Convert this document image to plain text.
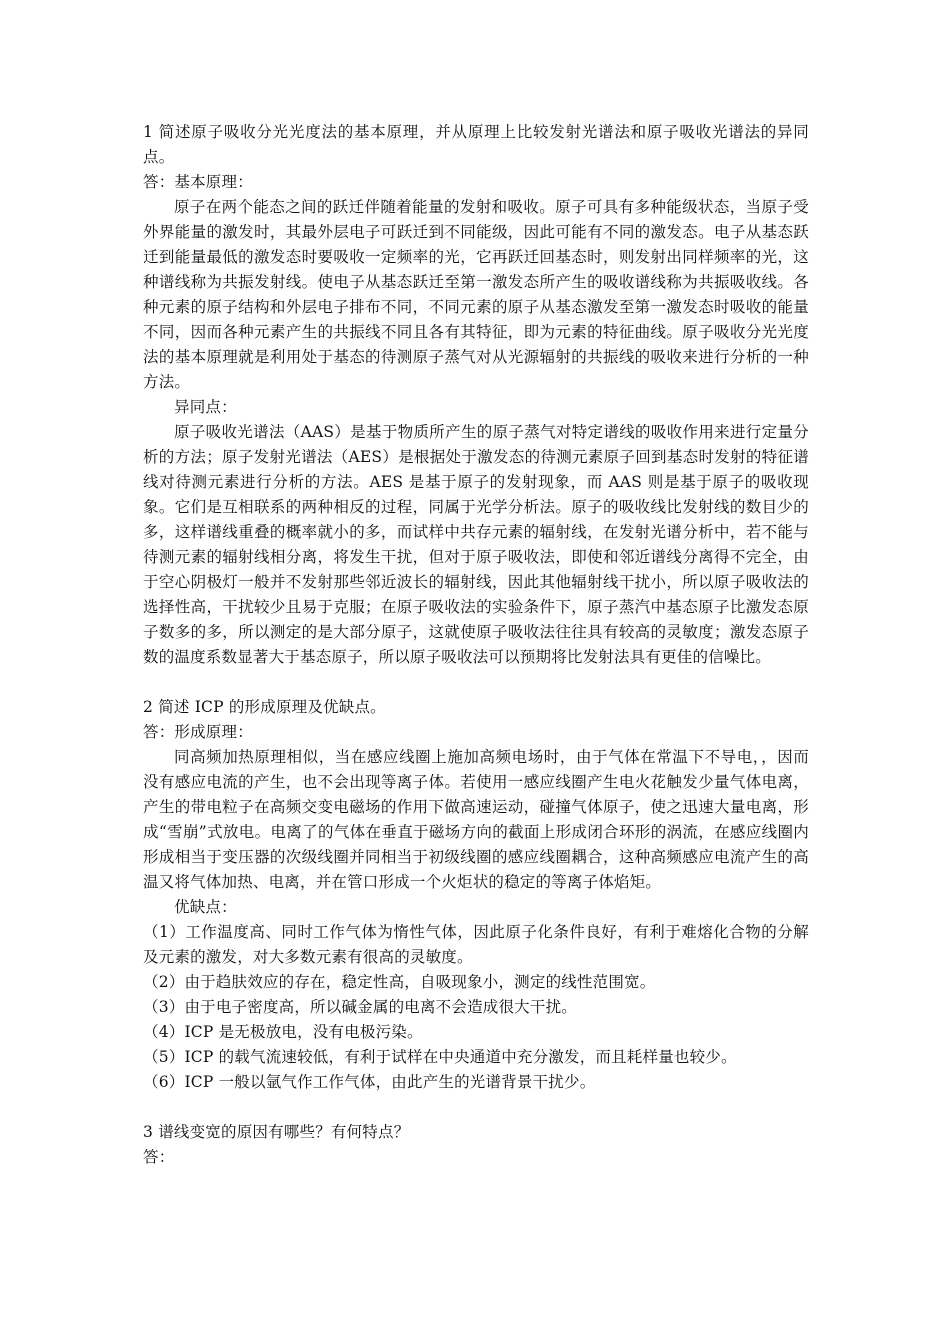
1 简述原子吸收分光光度法的基本原理，并从原理上比较发射光谱法和原子吸收光谱法的异同点。

答：基本原理：

原子在两个能态之间的跃迁伴随着能量的发射和吸收。原子可具有多种能级状态，当原子受外界能量的激发时，其最外层电子可跃迁到不同能级，因此可能有不同的激发态。电子从基态跃迁到能量最低的激发态时要吸收一定频率的光，它再跃迁回基态时，则发射出同样频率的光，这种谱线称为共振发射线。使电子从基态跃迁至第一激发态所产生的吸收谱线称为共振吸收线。各种元素的原子结构和外层电子排布不同，不同元素的原子从基态激发至第一激发态时吸收的能量不同，因而各种元素产生的共振线不同且各有其特征，即为元素的特征曲线。原子吸收分光光度法的基本原理就是利用处于基态的待测原子蒸气对从光源辐射的共振线的吸收来进行分析的一种方法。

异同点：

原子吸收光谱法（AAS）是基于物质所产生的原子蒸气对特定谱线的吸收作用来进行定量分析的方法；原子发射光谱法（AES）是根据处于激发态的待测元素原子回到基态时发射的特征谱线对待测元素进行分析的方法。AES 是基于原子的发射现象，而 AAS 则是基于原子的吸收现象。它们是互相联系的两种相反的过程，同属于光学分析法。原子的吸收线比发射线的数目少的多，这样谱线重叠的概率就小的多，而试样中共存元素的辐射线，在发射光谱分析中，若不能与待测元素的辐射线相分离，将发生干扰，但对于原子吸收法，即使和邻近谱线分离得不完全，由于空心阴极灯一般并不发射那些邻近波长的辐射线，因此其他辐射线干扰小，所以原子吸收法的选择性高，干扰较少且易于克服；在原子吸收法的实验条件下，原子蒸汽中基态原子比激发态原子数多的多，所以测定的是大部分原子，这就使原子吸收法往往具有较高的灵敏度；激发态原子数的温度系数显著大于基态原子，所以原子吸收法可以预期将比发射法具有更佳的信噪比。

2 简述 ICP 的形成原理及优缺点。

答：形成原理：

同高频加热原理相似，当在感应线圈上施加高频电场时，由于气体在常温下不导电，，因而没有感应电流的产生，也不会出现等离子体。若使用一感应线圈产生电火花触发少量气体电离，产生的带电粒子在高频交变电磁场的作用下做高速运动，碰撞气体原子，使之迅速大量电离，形成“雪崩”式放电。电离了的气体在垂直于磁场方向的截面上形成闭合环形的涡流，在感应线圈内形成相当于变压器的次级线圈并同相当于初级线圈的感应线圈耦合，这种高频感应电流产生的高温又将气体加热、电离，并在管口形成一个火炬状的稳定的等离子体焰矩。

优缺点：

（1）工作温度高、同时工作气体为惰性气体，因此原子化条件良好，有利于难熔化合物的分解及元素的激发，对大多数元素有很高的灵敏度。

（2）由于趋肤效应的存在，稳定性高，自吸现象小，测定的线性范围宽。

（3）由于电子密度高，所以碱金属的电离不会造成很大干扰。

（4）ICP 是无极放电，没有电极污染。

（5）ICP 的载气流速较低，有利于试样在中央通道中充分激发，而且耗样量也较少。

（6）ICP 一般以氩气作工作气体，由此产生的光谱背景干扰少。

3 谱线变宽的原因有哪些？有何特点？

答：
